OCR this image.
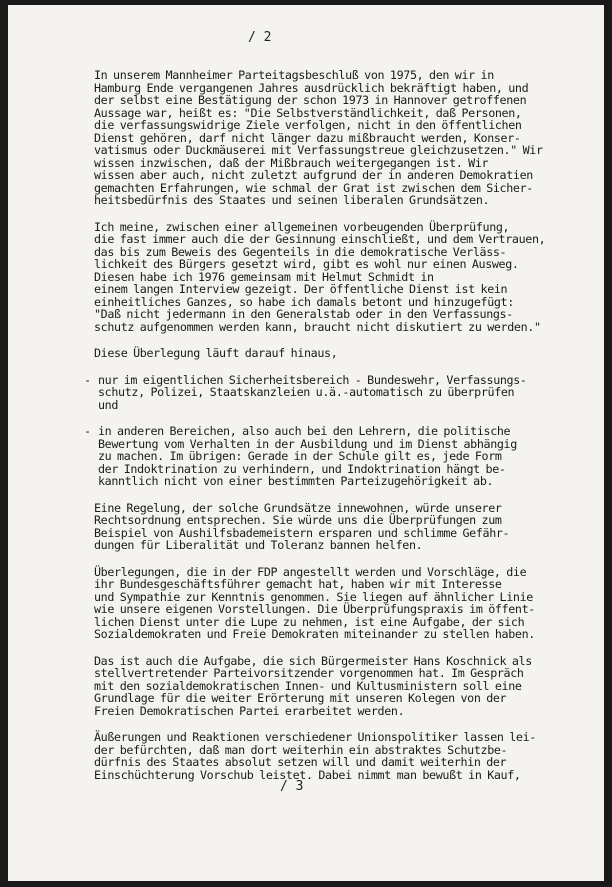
/ 2

In unserem Mannheimer Parteitagsbeschluß von 1975, den wir in
Hamburg Ende vergangenen Jahres ausdrücklich bekräftigt haben, und
der selbst eine Bestätigung der schon 1973 in Hannover getroffenen
Aussage war, heißt es: "Die Selbstverständlichkeit, daß Personen,
die verfassungswidrige Ziele verfolgen, nicht in den öffentlichen
Dienst gehören, darf nicht länger dazu mißbraucht werden, Konser-
vatismus oder Duckmäuserei mit Verfassungstreue gleichzusetzen." Wir
wissen inzwischen, daß der Mißbrauch weitergegangen ist. Wir
wissen aber auch, nicht zuletzt aufgrund der in anderen Demokratien
gemachten Erfahrungen, wie schmal der Grat ist zwischen dem Sicher-
heitsbedürfnis des Staates und seinen liberalen Grundsätzen.

Ich meine, zwischen einer allgemeinen vorbeugenden Überprüfung,
die fast immer auch die der Gesinnung einschließt, und dem Vertrauen,
das bis zum Beweis des Gegenteils in die demokratische Verläss-
lichkeit des Bürgers gesetzt wird, gibt es wohl nur einen Ausweg.
Diesen habe ich 1976 gemeinsam mit Helmut Schmidt in
einem langen Interview gezeigt. Der öffentliche Dienst ist kein
einheitliches Ganzes, so habe ich damals betont und hinzugefügt:
"Daß nicht jedermann in den Generalstab oder in den Verfassungs-
schutz aufgenommen werden kann, braucht nicht diskutiert zu werden."

Diese Überlegung läuft darauf hinaus,

- nur im eigentlichen Sicherheitsbereich - Bundeswehr, Verfassungs-
schutz, Polizei, Staatskanzleien u.ä.-automatisch zu überprüfen
und
- in anderen Bereichen, also auch bei den Lehrern, die politische
Bewertung vom Verhalten in der Ausbildung und im Dienst abhängig
zu machen. Im übrigen: Gerade in der Schule gilt es, jede Form
der Indoktrination zu verhindern, und Indoktrination hängt be-
kanntlich nicht von einer bestimmten Parteizugehörigkeit ab.

Eine Regelung, der solche Grundsätze innewohnen, würde unserer
Rechtsordnung entsprechen. Sie würde uns die Überprüfungen zum
Beispiel von Aushilfsbademeistern ersparen und schlimme Gefähr-
dungen für Liberalität und Toleranz bannen helfen.

Überlegungen, die in der FDP angestellt werden und Vorschläge, die
ihr Bundesgeschäftsführer gemacht hat, haben wir mit Interesse
und Sympathie zur Kenntnis genommen. Sie liegen auf ähnlicher Linie
wie unsere eigenen Vorstellungen. Die Überprüfungspraxis im öffent-
lichen Dienst unter die Lupe zu nehmen, ist eine Aufgabe, der sich
Sozialdemokraten und Freie Demokraten miteinander zu stellen haben.

Das ist auch die Aufgabe, die sich Bürgermeister Hans Koschnick als
stellvertretender Parteivorsitzender vorgenommen hat. Im Gespräch
mit den sozialdemokratischen Innen- und Kultusministern soll eine
Grundlage für die weiter Erörterung mit unseren Kolegen von der
Freien Demokratischen Partei erarbeitet werden.

Äußerungen und Reaktionen verschiedener Unionspolitiker lassen lei-
der befürchten, daß man dort weiterhin ein abstraktes Schutzbe-
dürfnis des Staates absolut setzen will und damit weiterhin der
Einschüchterung Vorschub leistet. Dabei nimmt man bewußt in Kauf,

/ 3
